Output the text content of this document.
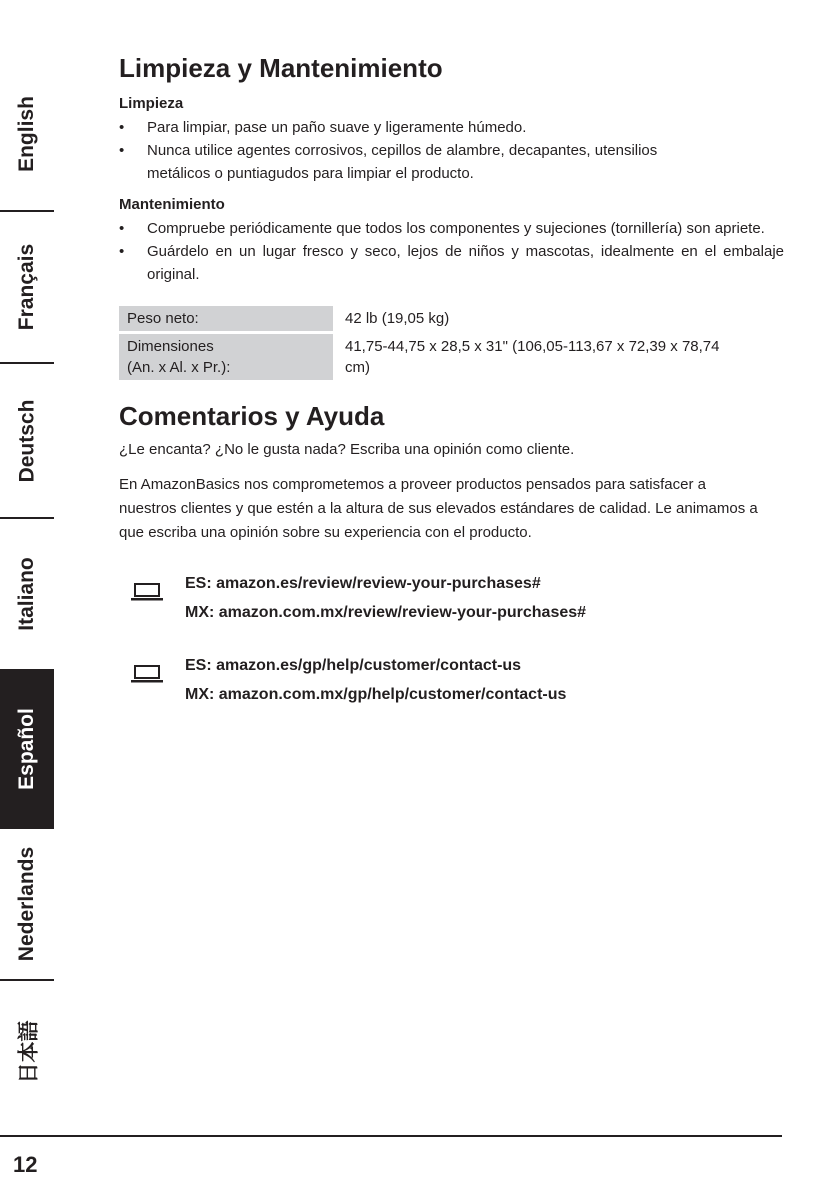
English
Français
Deutsch
Italiano
Español
Nederlands
日本語
Limpieza y Mantenimiento
Limpieza
• Para limpiar, pase un paño suave y ligeramente húmedo.
• Nunca utilice agentes corrosivos, cepillos de alambre, decapantes, utensilios metálicos o puntiagudos para limpiar el producto.
Mantenimiento
• Compruebe periódicamente que todos los componentes y sujeciones (tornillería) son apriete.
• Guárdelo en un lugar fresco y seco, lejos de niños y mascotas, idealmente en el embalaje original.
Peso neto:	42 lb (19,05 kg)
Dimensiones
(An. x Al. x Pr.):	41,75-44,75 x 28,5 x 31" (106,05-113,67 x 72,39 x 78,74 cm)
Comentarios y Ayuda

¿Le encanta? ¿No le gusta nada? Escriba una opinión como cliente.

En AmazonBasics nos comprometemos a proveer productos pensados para satisfacer a nuestros clientes y que estén a la altura de sus elevados estándares de calidad. Le animamos a que escriba una opinión sobre su experiencia con el producto.

ES: amazon.es/review/review-your-purchases#
MX: amazon.com.mx/review/review-your-purchases#
ES: amazon.es/gp/help/customer/contact-us
MX: amazon.com.mx/gp/help/customer/contact-us
12
